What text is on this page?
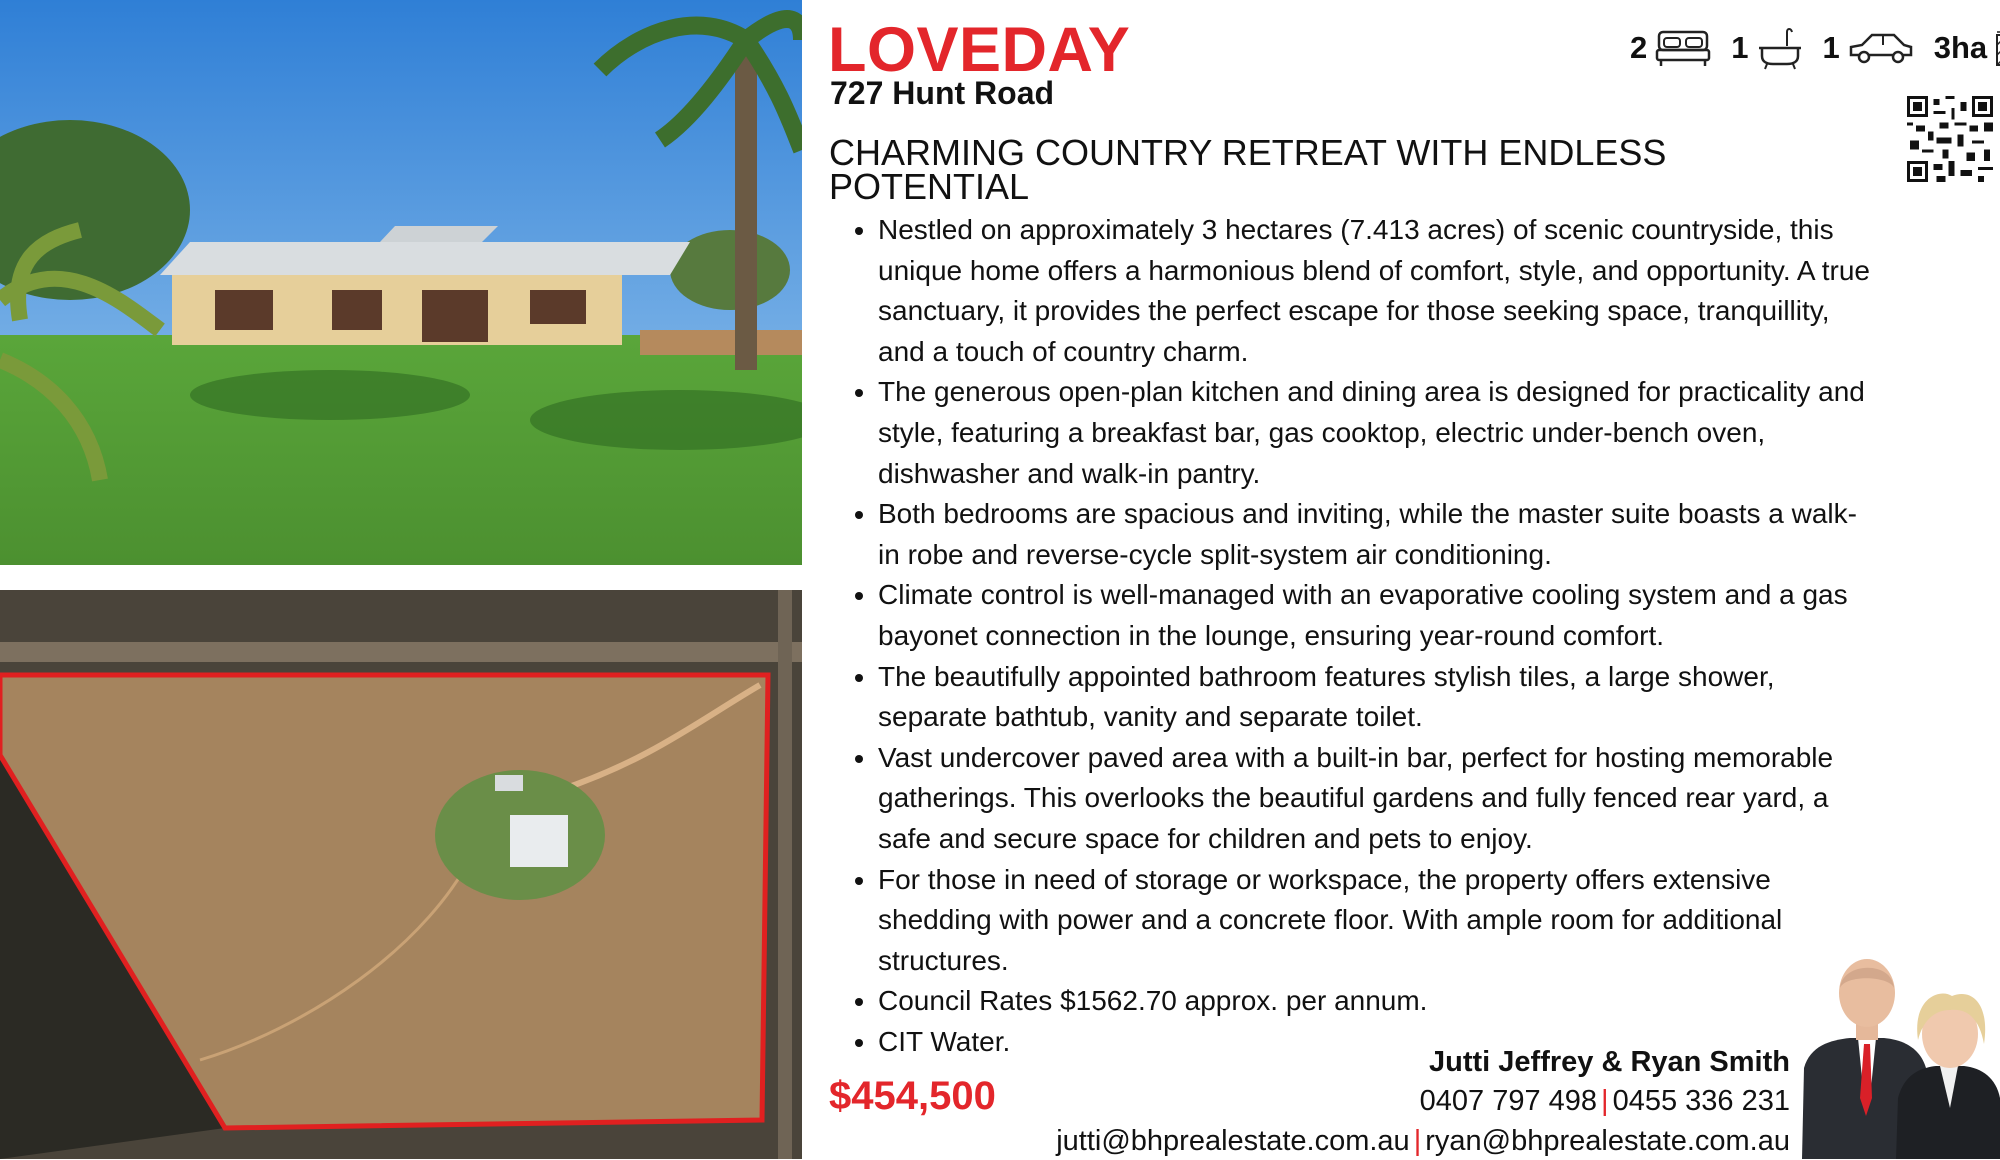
LOVEDAY
727 Hunt Road
2	1 1	3ha
CHARMING COUNTRY RETREAT WITH ENDLESS POTENTIAL
• Nestled on approximately 3 hectares (7.413 acres) of scenic countryside, this unique home offers a harmonious blend of comfort, style, and opportunity. A true sanctuary, it provides the perfect escape for those seeking space, tranquillity, and a touch of country charm.
• The generous open-plan kitchen and dining area is designed for practicality and style, featuring a breakfast bar, gas cooktop, electric under-bench oven, dishwasher and walk-in pantry.
• Both bedrooms are spacious and inviting, while the master suite boasts a walk-in robe and reverse-cycle split-system air conditioning.
• Climate control is well-managed with an evaporative cooling system and a gas bayonet connection in the lounge, ensuring year-round comfort.
• The beautifully appointed bathroom features stylish tiles, a large shower, separate bathtub, vanity and separate toilet.
• Vast undercover paved area with a built-in bar, perfect for hosting memorable gatherings. This overlooks the beautiful gardens and fully fenced rear yard, a safe and secure space for children and pets to enjoy.
• For those in need of storage or workspace, the property offers extensive shedding with power and a concrete floor. With ample room for additional structures.
• Council Rates $1562.70 approx. per annum.
• CIT Water.
$454,500
Jutti Jeffrey & Ryan Smith
0407 797 498 | 0455 336 231
jutti@bhprealestate.com.au | ryan@bhprealestate.com.au
